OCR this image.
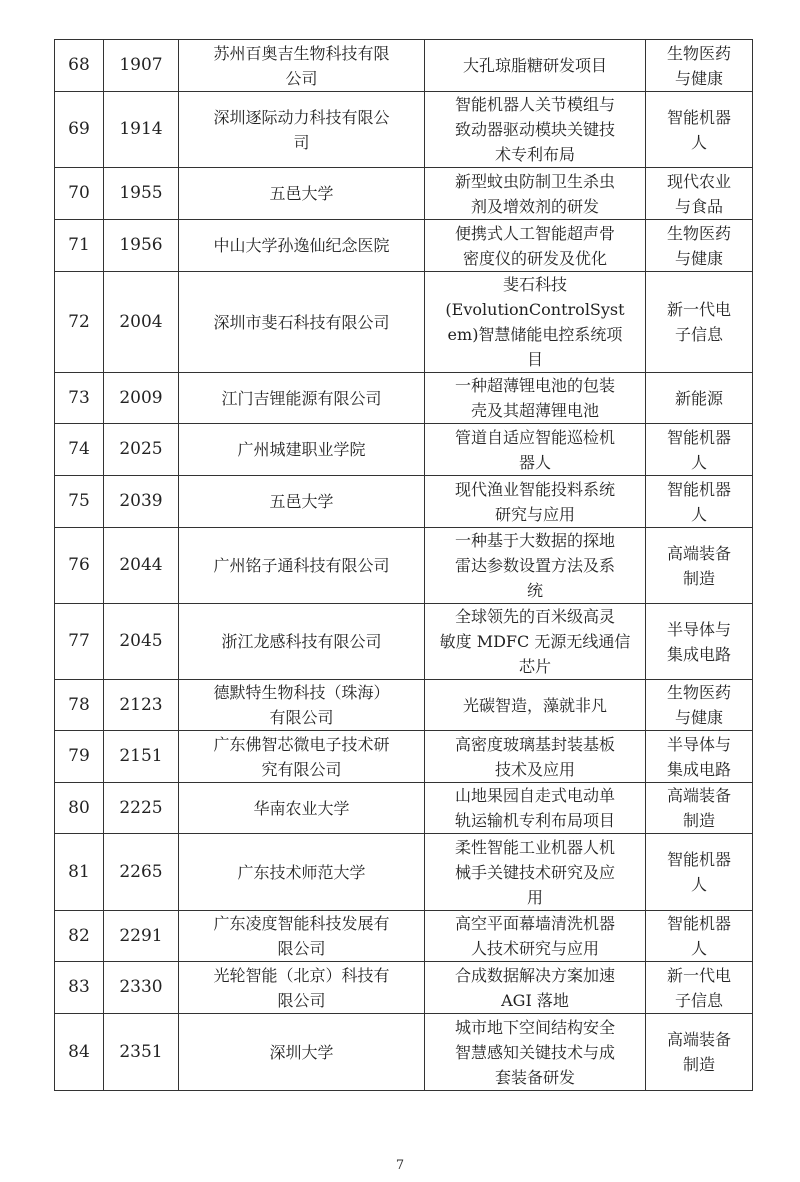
68	1907	苏州百奥吉生物科技有限
公司	大孔琼脂糖研发项目	生物医药
与健康
69	1914	深圳逐际动力科技有限公
司	智能机器人关节模组与
致动器驱动模块关键技
术专利布局	智能机器
人
70	1955	五邑大学	新型蚊虫防制卫生杀虫
剂及增效剂的研发	现代农业
与食品
71	1956	中山大学孙逸仙纪念医院	便携式人工智能超声骨
密度仪的研发及优化	生物医药
与健康
72	2004	深圳市斐石科技有限公司	斐石科技
(EvolutionControlSyst
em)智慧储能电控系统项
目	新一代电
子信息
73	2009	江门吉锂能源有限公司	一种超薄锂电池的包装
壳及其超薄锂电池	新能源
74	2025	广州城建职业学院	管道自适应智能巡检机
器人	智能机器
人
75	2039	五邑大学	现代渔业智能投料系统
研究与应用	智能机器
人
76	2044	广州铭子通科技有限公司	一种基于大数据的探地
雷达参数设置方法及系
统	高端装备
制造
77	2045	浙江龙感科技有限公司	全球领先的百米级高灵
敏度 MDFC 无源无线通信
芯片	半导体与
集成电路
78	2123	德默特生物科技（珠海）
有限公司	光碳智造，藻就非凡	生物医药
与健康
79	2151	广东佛智芯微电子技术研
究有限公司	高密度玻璃基封装基板
技术及应用	半导体与
集成电路
80	2225	华南农业大学	山地果园自走式电动单
轨运输机专利布局项目	高端装备
制造
81	2265	广东技术师范大学	柔性智能工业机器人机
械手关键技术研究及应
用	智能机器
人
82	2291	广东凌度智能科技发展有
限公司	高空平面幕墙清洗机器
人技术研究与应用	智能机器
人
83	2330	光轮智能（北京）科技有
限公司	合成数据解决方案加速
AGI 落地	新一代电
子信息
84	2351	深圳大学	城市地下空间结构安全
智慧感知关键技术与成
套装备研发	高端装备
制造
7
